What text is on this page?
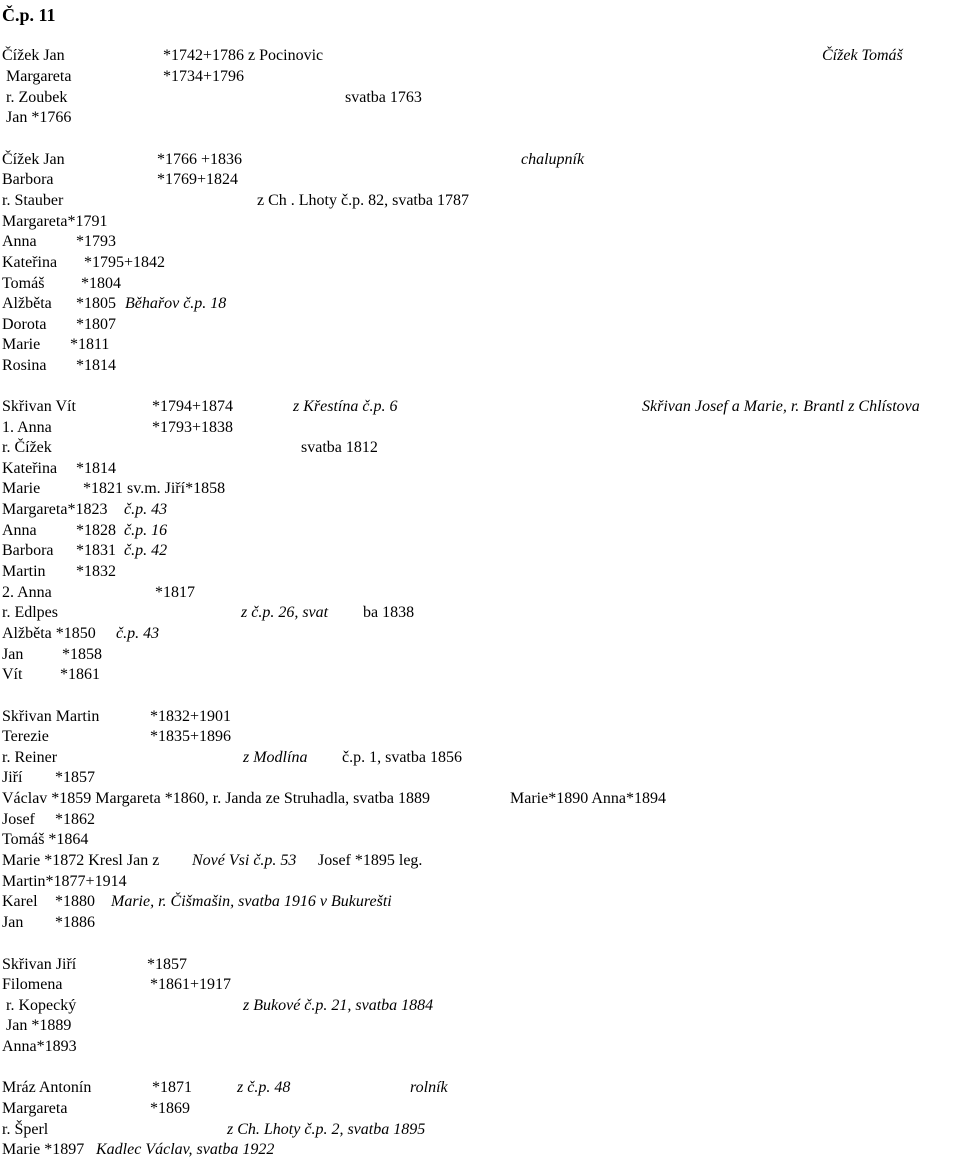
Č.p. 11
Čížek Jan	*1742+1786 z Pocinovic	Čížek Tomáš
Margareta	*1734+1796
r. Zoubek	svatba 1763
Jan *1766
Čížek Jan	*1766 +1836	chalupník
Barbora	*1769+1824
r. Stauber	z Ch . Lhoty č.p. 82, svatba 1787
Margareta*1791
Anna *1793
Kateřina *1795+1842
Tomáš *1804
Alžběta *1805 Běhařov č.p. 18
Dorota *1807
Marie *1811
Rosina *1814
Skřivan Vít	*1794+1874	z Křestína č.p. 6	Skřivan Josef a Marie, r. Brantl z Chlístova
1. Anna	*1793+1838
r. Čížek	svatba 1812
Kateřina *1814
Marie	*1821 sv.m. Jiří*1858
Margareta*1823 č.p. 43
Anna *1828 č.p. 16
Barbora *1831 č.p. 42
Martin *1832
2. Anna	*1817
r. Edlpes	z č.p. 26, svat ba 1838
Alžběta *1850 č.p. 43
Jan *1858
Vít *1861
Skřivan Martin	*1832+1901
Terezie	*1835+1896
r. Reiner	z Modlína č.p. 1, svatba 1856
Jiří *1857
Václav *1859 Margareta *1860, r. Janda ze Struhadla, svatba 1889	Marie*1890 Anna*1894
Josef *1862
Tomáš *1864
Marie *1872 Kresl Jan z Nové Vsi č.p. 53 Josef *1895 leg.
Martin*1877+1914
Karel *1880 Marie, r. Čišmašin, svatba 1916 v Bukurešti
Jan *1886
Skřivan Jiří	*1857
Filomena	*1861+1917
r. Kopecký	z Bukové č.p. 21, svatba 1884
Jan *1889
Anna*1893
Mráz Antonín	*1871	z č.p. 48	rolník
Margareta	*1869
r. Šperl	z Ch. Lhoty č.p. 2, svatba 1895
Marie *1897 Kadlec Václav, svatba 1922
